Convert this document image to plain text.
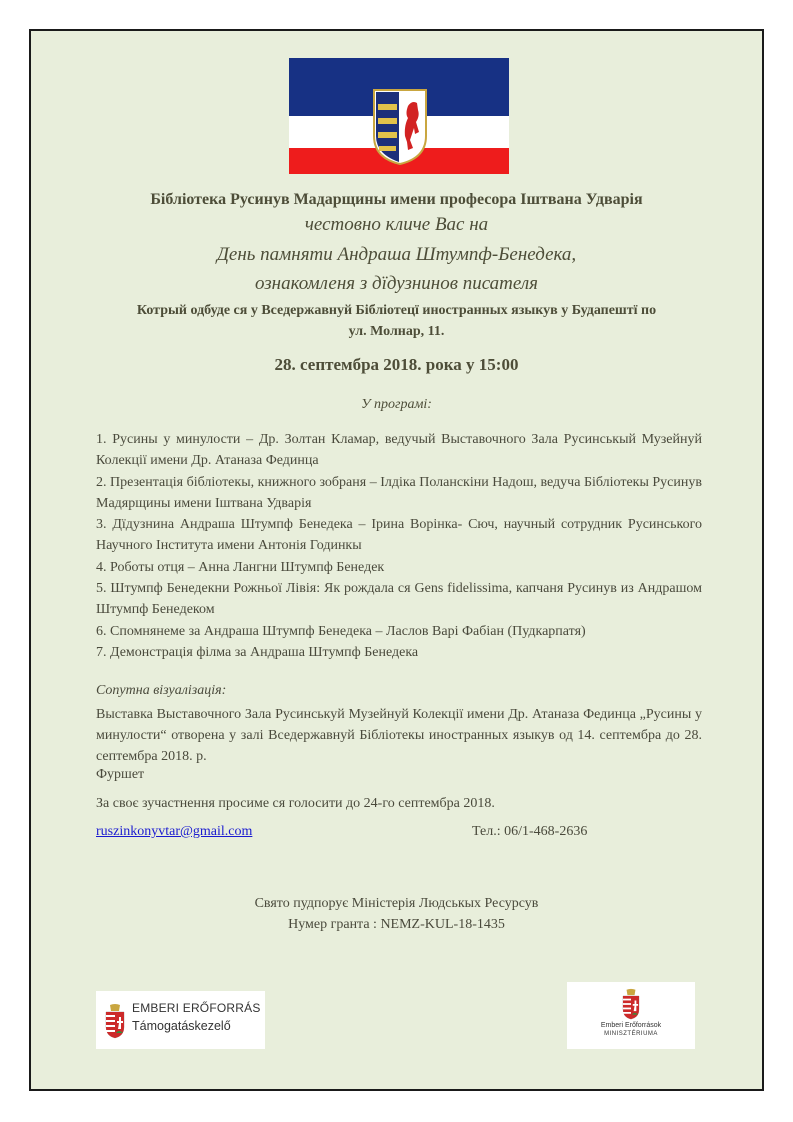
Бібліотека Русинув Мадарщины имени професора Іштвана Удварія
честовно кличе Вас на
День памняти Андраша Штумпф-Бенедека,
ознакомленя з дїдузнинов писателя
Котрый одбуде ся у Вседержавнуй Бібліотецї иностранных языкув у Будапештї по
ул. Молнар, 11.
28. септембра 2018. рока у 15:00
У програмі:

1. Русины у минулости – Др. Золтан Кламар, ведучый Выставочного Зала Русинськый Музейнуй Колекцiї имени Др. Атаназа Фединца

2. Презентація бiблiотекы, книжного зобраня – Iлдiка Поланскiни Надош, ведуча Бiблiотекы Русинув Мадярщины имени Іштвана Удварія

3. Дїдузнина Андраша Штумпф Бенедека – Ірина Ворінка- Сюч, научный сотрудник Русинського Научного Інститута имени Антонія Годинкы

4. Роботы отця – Анна Лангни Штумпф Бенедек

5. Штумпф Бенедекни Рожньої Лівія: Як рождала ся Gens fidelissima, капчаня Русинув из Андрашом Штумпф Бенедеком

6. Спомнянеме за Андраша Штумпф Бенедека – Ласлов Варі Фабіан (Пудкарпатя)

7. Демонстрація фiлма за Андраша Штумпф Бенедека

Сопутна візуалізація:
Выставка Выставочного Зала Русинськуй Музейнуй Колекцiї имени Др. Атаназа Фединца „Русины у минулости“ отворена у залі Вседержавнуй Бiблiотекы иностранных языкув од 14. септембра до 28. септембра 2018. р.
Фуршет
За своє зучастнення просиме ся голосити до 24-го септембра 2018.
ruszinkonyvtar@gmail.com	Тел.: 06/1-468-2636
Свято пудпорує Міністерія Людськых Ресурсув
Нумер гранта : NEMZ-KUL-18-1435
EMBERI ERŐFORRÁS
Támogatáskezelő	Emberi Erőforrások
MINISZTÉRIUMA
